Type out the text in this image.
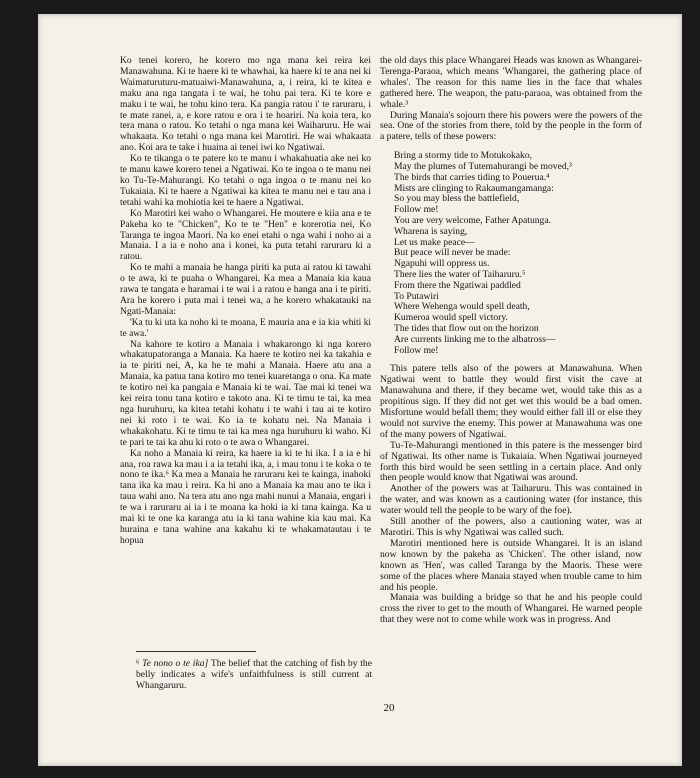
Ko tenei korero, he korero mo nga mana kei reira kei Manawahuna. Ki te haere ki te whawhai, ka haere ki te ana nei ki Waimaturuturu-matuaiwi-Manawahuna, a, i reira, ki te kitea e maku ana nga tangata i te wai, he tohu pai tera. Ki te kore e maku i te wai, he tohu kino tera. Ka pangia ratou i' te raruraru, i te mate ranei, a, e kore ratou e ora i te hoariri. Na koia tera, ko tera mana o ratou. Ko tetahi o nga mana kei Waiharuru. He wai whakaata. Ko tetahi o nga mana kei Marotiri. He wai whakaata ano. Koi ara te take i huaina ai tenei iwi ko Ngatiwai.

Ko te tikanga o te patere ko te manu i whakahuatia ake nei ko te manu kawe korero tenei a Ngatiwai. Ko te ingoa o te manu nei ko Tu-Te-Mahurangi. Ko tetahi o nga ingoa o te manu nei ko Tukaiaia. Ki te haere a Ngatiwai ka kitea te manu nei e tau ana i tetahi wahi ka mohiotia kei te haere a Ngatiwai.

Ko Marotiri kei waho o Whangarei. He moutere e kiia ana e te Pakeha ko te "Chicken", Ko te te "Hen" e korerotia nei, Ko Taranga te ingoa Maori. Na ko enei etahi o nga wahi i noho ai a Manaia. I a ia e noho ana i konei, ka puta tetahi raruraru ki a ratou.

Ko te mahi a manaia he hanga piriti ka puta ai ratou ki tawahi o te awa, ki te puaha o Whangarei. Ka mea a Manaia kia kaua rawa te tangata e haramai i te wai i a ratou e hanga ana i te piriti. Ara he korero i puta mai i tenei wa, a he korero whakatauki na Ngati-Manaia:

'Ka tu ki uta ka noho ki te moana, E mauria ana e ia kia whiti ki te awa.'

Na kahore te kotiro a Manaia i whakarongo ki nga korero whakatupatoranga a Manaia. Ka haere te kotiro nei ka takahia e ia te piriti nei, A, ka he te mahi a Manaia. Haere atu ana a Manaia, ka patua tana kotiro mo tenei kuaretanga o ona. Ka mate te kotiro nei ka pangaia e Manaia ki te wai. Tae mai ki tenei wa kei reira tonu tana kotiro e takoto ana. Ki te timu te tai, ka mea nga huruhuru, ka kitea tetahi kohatu i te wahi i tau ai te kotiro nei ki roto i te wai. Ko ia te kohatu nei. Na Manaia i whakakohatu. Ki te timu te tai ka mea nga huruhuru ki waho. Ki te pari te tai ka ahu ki roto o te awa o Whangarei.

Ka noho a Manaia ki reira, ka haere ia ki te hi ika. I a ia e hi ana, roa rawa ka mau i a ia tetahi ika, a, i mau tonu i te koka o te nono te ika.⁶ Ka mea a Manaia he raruraru kei te kainga, inahoki tana ika ka mau i reira. Ka hi ano a Manaia ka mau ano te ika i taua wahi ano. Na tera atu ano nga mahi nunui a Manaia, engari i te wa i raruraru ai ia i te moana ka hoki ia ki tana kainga. Ka u mai ki te one ka karanga atu ia ki tana wahine kia kau mai. Ka huraina e tana wahine ana kakahu ki te whakamatautau i te hopua

⁶ Te nono o te ika] The belief that the catching of fish by the belly indicates a wife's unfaithfulness is still current at Whangaruru.

the old days this place Whangarei Heads was known as Whangarei-Terenga-Paraoa, which means 'Whangarei, the gathering place of whales'. The reason for this name lies in the face that whales gathered here. The weapon, the patu-paraoa, was obtained from the whale.³

During Manaia's sojourn there his powers were the powers of the sea. One of the stories from there, told by the people in the form of a patere, tells of these powers:

Bring a stormy tide to Motukokako,
May the plumes of Tutemahurangi be moved,³
The birds that carries tiding to Pouerua.⁴
Mists are clinging to Rakaumangamanga:
So you may bless the battlefield,
Follow me!
You are very welcome, Father Apatunga.
Wharena is saying,
Let us make peace—
But peace will never be made:
Ngapuhi will oppress us.
There lies the water of Taiharuru.⁵
From there the Ngatiwai paddled
To Putawiri
Where Wehenga would spell death,
Kumeroa would spell victory.
The tides that flow out on the horizon
Are currents linking me to the albatross—
Follow me!

This patere tells also of the powers at Manawahuna. When Ngatiwai went to battle they would first visit the cave at Manawahuna and there, if they became wet, would take this as a propitious sign. If they did not get wet this would be a bad omen. Misfortune would befall them; they would either fall ill or else they would not survive the enemy. This power at Manawahuna was one of the many powers of Ngatiwai.

Tu-Te-Mahurangi mentioned in this patere is the messenger bird of Ngatiwai. Its other name is Tukaiaia. When Ngatiwai journeyed forth this bird would be seen settling in a certain place. And only then people would know that Ngatiwai was around.

Another of the powers was at Taiharuru. This was contained in the water, and was known as a cautioning water (for instance, this water would tell the people to be wary of the foe).

Still another of the powers, also a cautioning water, was at Marotiri. This is why Ngatiwai was called such.

Marotiri mentioned here is outside Whangarei. It is an island now known by the pakeha as 'Chicken'. The other island, now known as 'Hen', was called Taranga by the Maoris. These were some of the places where Manaia stayed when trouble came to him and his people.

Manaia was building a bridge so that he and his people could cross the river to get to the mouth of Whangarei. He warned people that they were not to come while work was in progress. And

20
